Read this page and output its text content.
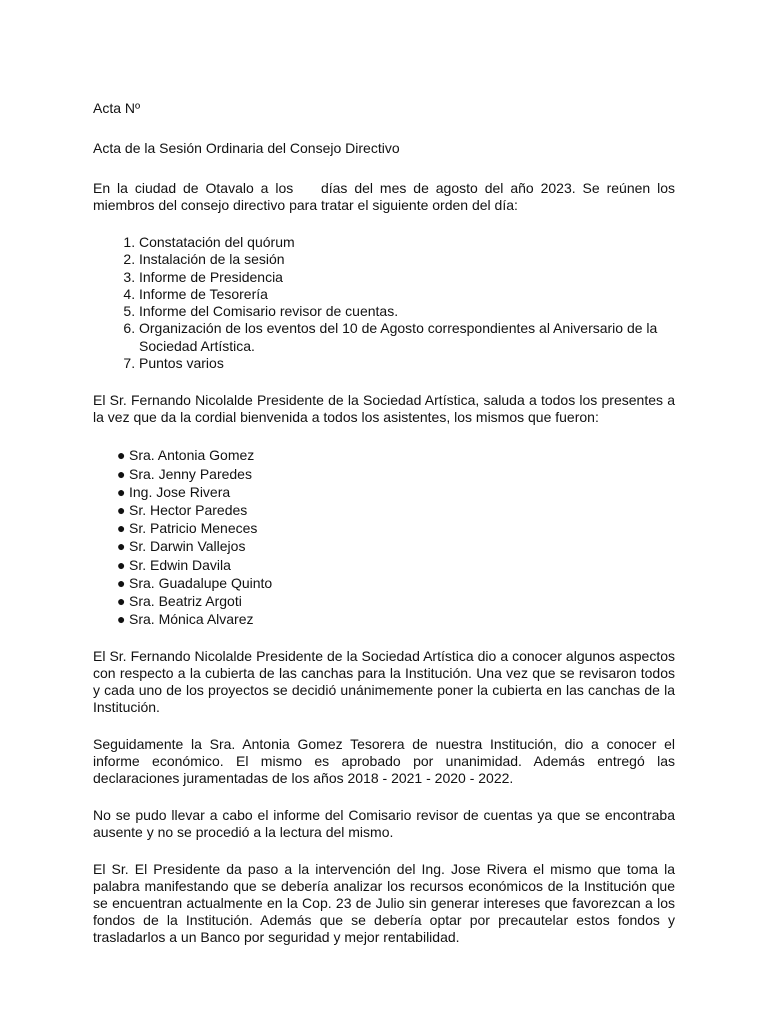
Acta Nº

Acta de la Sesión Ordinaria del Consejo Directivo

En la ciudad de Otavalo a los    días del mes de agosto del año 2023. Se reúnen los miembros del consejo directivo para tratar el siguiente orden del día:

1. Constatación del quórum
2. Instalación de la sesión
3. Informe de Presidencia
4. Informe de Tesorería
5. Informe del Comisario revisor de cuentas.
6. Organización de los eventos del 10 de Agosto correspondientes al Aniversario de la Sociedad Artística.
7. Puntos varios

El Sr. Fernando Nicolalde Presidente de la Sociedad Artística, saluda a todos los presentes a la vez que da la cordial bienvenida a todos los asistentes, los mismos que fueron:

● Sra. Antonia Gomez
● Sra. Jenny Paredes
● Ing. Jose Rivera
● Sr. Hector Paredes
● Sr. Patricio Meneces
● Sr. Darwin Vallejos
● Sr. Edwin Davila
● Sra. Guadalupe Quinto
● Sra. Beatriz Argoti
● Sra. Mónica Alvarez

El Sr. Fernando Nicolalde Presidente de la Sociedad Artística dio a conocer algunos aspectos con respecto a la cubierta de las canchas para la Institución. Una vez que se revisaron todos y cada uno de los proyectos se decidió unánimemente poner la cubierta en las canchas de la Institución.

Seguidamente la Sra. Antonia Gomez Tesorera de nuestra Institución, dio a conocer el informe económico. El mismo es aprobado por unanimidad. Además entregó las declaraciones juramentadas de los años 2018 - 2021 - 2020 - 2022.

No se pudo llevar a cabo el informe del Comisario revisor de cuentas ya que se encontraba ausente y no se procedió a la lectura del mismo.

El Sr. El Presidente da paso a la intervención del Ing. Jose Rivera el mismo que toma la palabra manifestando que se debería analizar los recursos económicos de la Institución que se encuentran actualmente en la Cop. 23 de Julio sin generar intereses que favorezcan a los fondos de la Institución. Además que se debería optar por precautelar estos fondos y trasladarlos a un Banco por seguridad y mejor rentabilidad.
